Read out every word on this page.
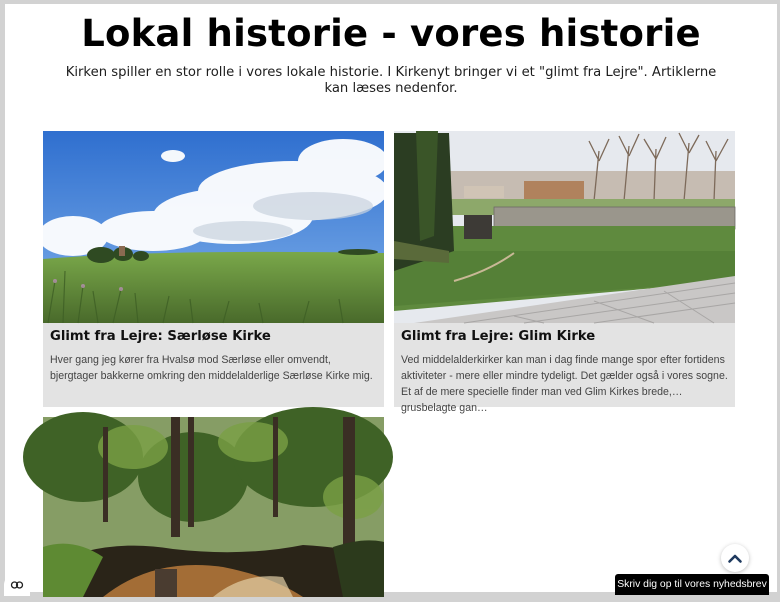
Lokal historie - vores historie
Kirken spiller en stor rolle i vores lokale historie. I Kirkenyt bringer vi et "glimt fra Lejre". Artiklerne kan læses nedenfor.
Glimt fra Lejre: Særløse Kirke

Hver gang jeg kører fra Hvalsø mod Særløse eller omvendt, bjergtager bakkerne omkring den middelalderlige Særløse Kirke mig.

Glimt fra Lejre: Glim Kirke

Ved middelalderkirker kan man i dag finde mange spor efter fortidens aktiviteter - mere eller mindre tydeligt. Det gælder også i vores sogne. Et af de mere specielle finder man ved Glim Kirkes brede, grusbelagte gan…

Skriv dig op til vores nyhedsbrev
